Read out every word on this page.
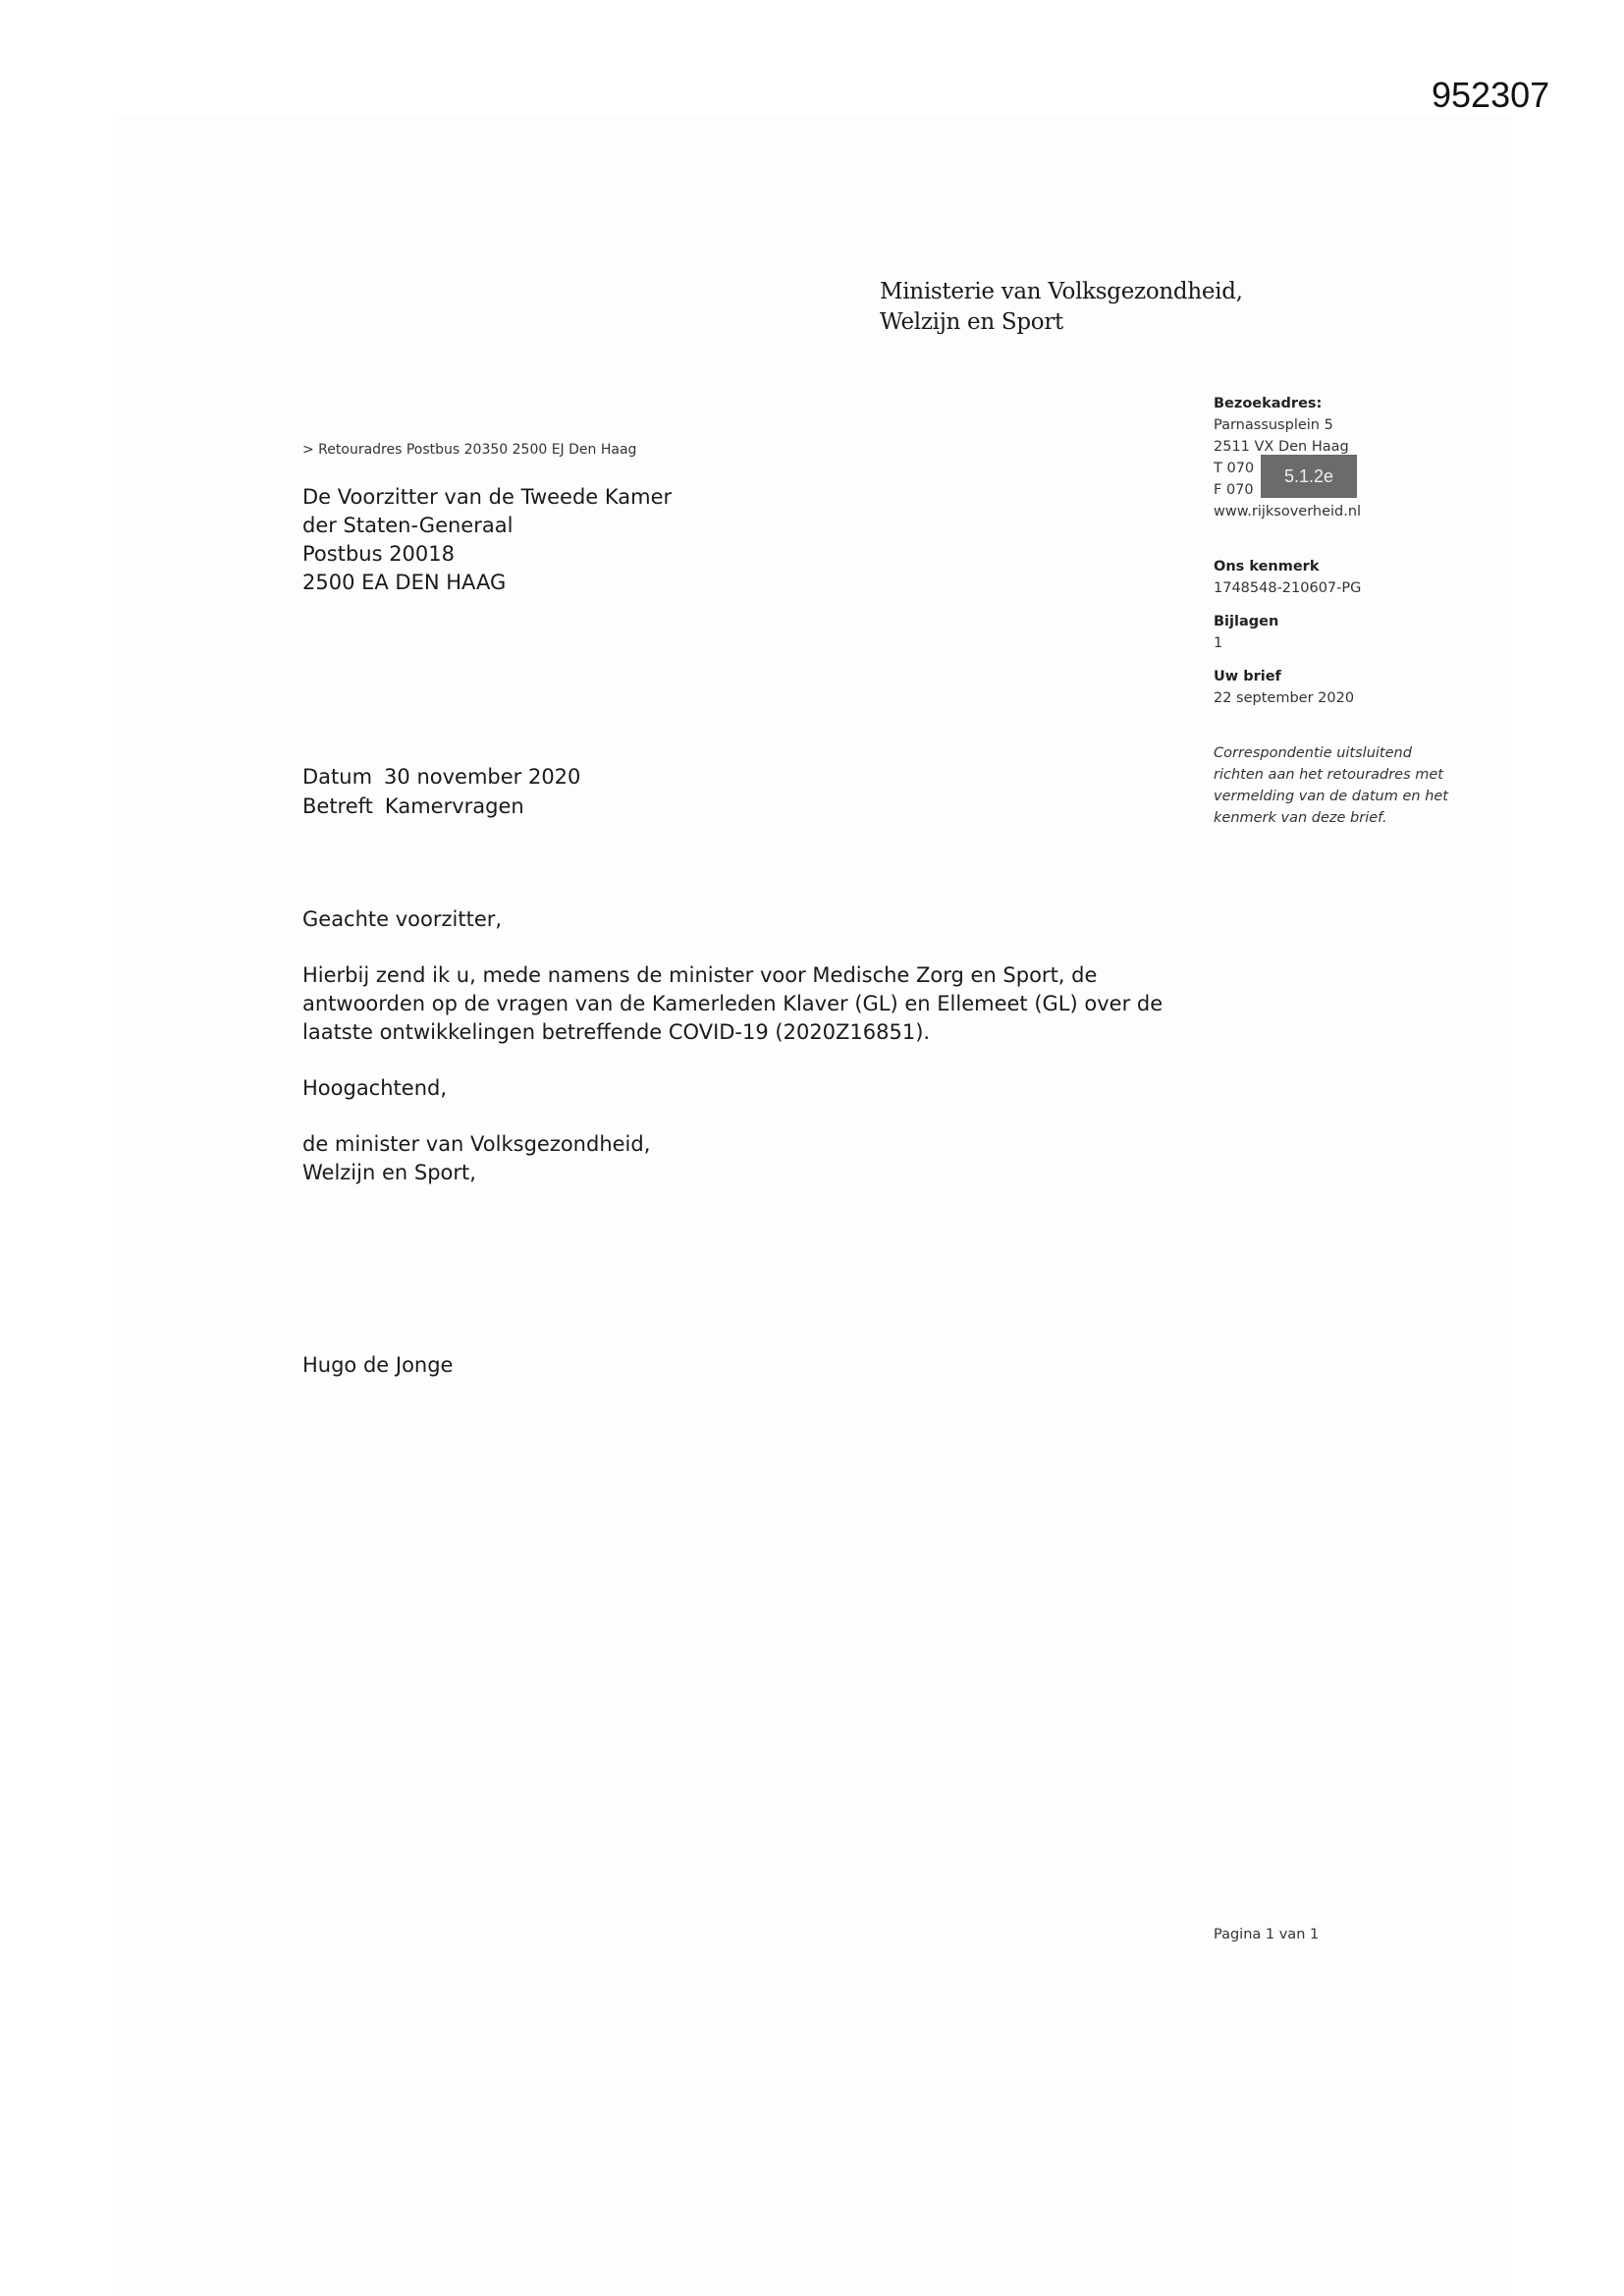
952307
Ministerie van Volksgezondheid,
Welzijn en Sport
> Retouradres Postbus 20350 2500 EJ Den Haag
De Voorzitter van de Tweede Kamer
der Staten-Generaal
Postbus 20018
2500 EA DEN HAAG
Bezoekadres:
Parnassusplein 5
2511 VX Den Haag
T 070
F 070
www.rijksoverheid.nl
Ons kenmerk
1748548-210607-PG
Bijlagen
1
Uw brief
22 september 2020
Correspondentie uitsluitend richten aan het retouradres met vermelding van de datum en het kenmerk van deze brief.
5.1.2e
Datum 30 november 2020
Betreft Kamervragen

Geachte voorzitter,

Hierbij zend ik u, mede namens de minister voor Medische Zorg en Sport, de
antwoorden op de vragen van de Kamerleden Klaver (GL) en Ellemeet (GL) over de
laatste ontwikkelingen betreffende COVID-19 (2020Z16851).

Hoogachtend,

de minister van Volksgezondheid,
Welzijn en Sport,
Hugo de Jonge
Pagina 1 van 1
